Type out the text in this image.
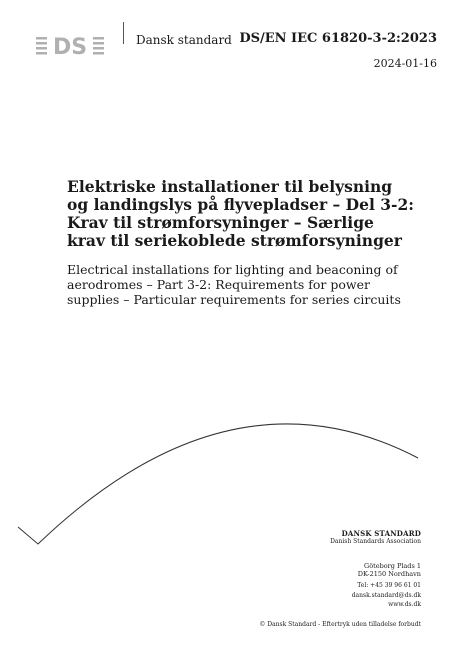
DS	Dansk standard DS/EN IEC 61820-3-2:2023
2024-01-16
Elektriske installationer til belysning og landingslys på flyvepladser – Del 3-2: Krav til strømforsyninger – Særlige krav til seriekoblede strømforsyninger
Electrical installations for lighting and beaconing of aerodromes – Part 3-2: Requirements for power supplies – Particular requirements for series circuits
DANSK STANDARD
Danish Standards Association
Göteborg Plads 1
DK-2150 Nordhavn
Tel: +45 39 96 61 01
dansk.standard@ds.dk
www.ds.dk
© Dansk Standard - Eftertryk uden tilladelse forbudt
